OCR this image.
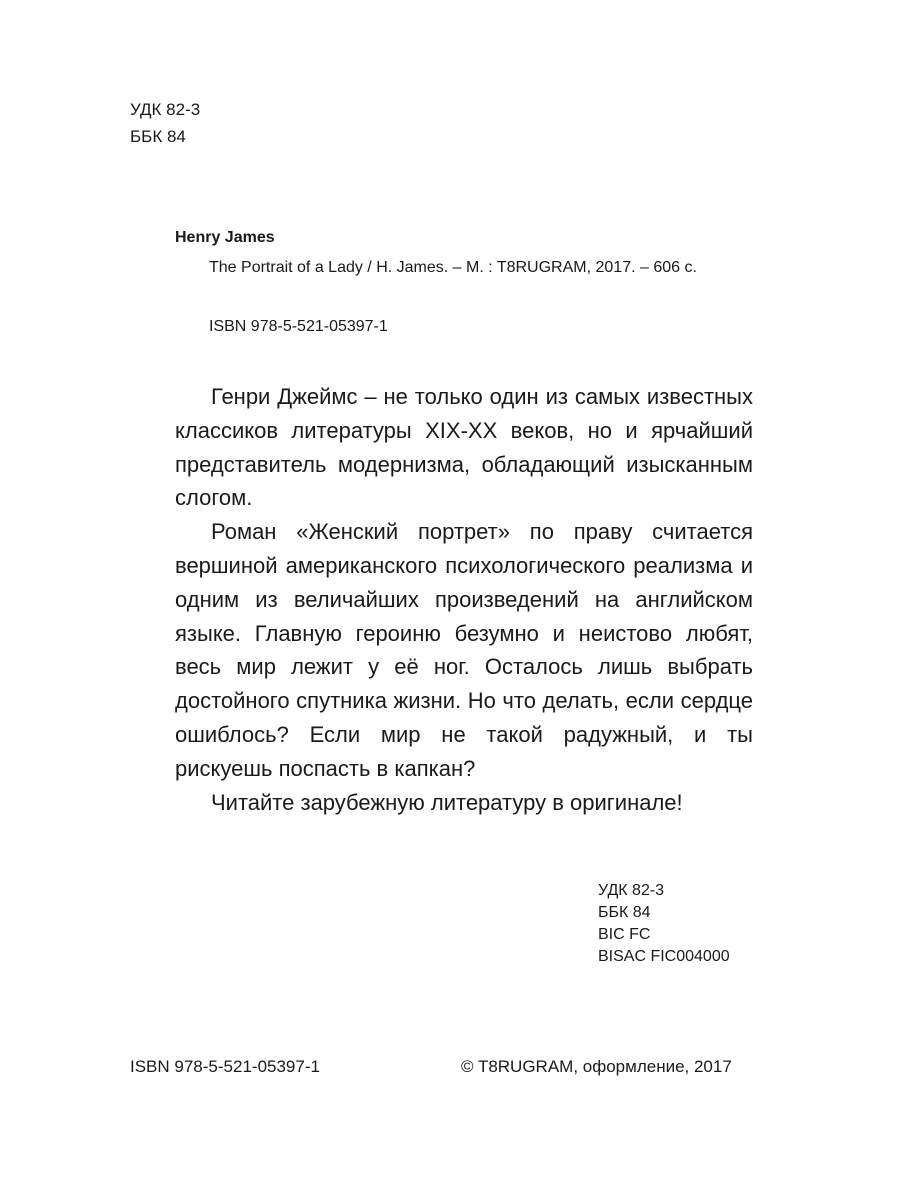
УДК 82-3
ББК 84
Henry James
The Portrait of a Lady / H. James. – M. : T8RUGRAM, 2017. – 606 c.
ISBN 978-5-521-05397-1

Генри Джеймс – не только один из самых известных классиков литературы XIX-XX веков, но и ярчайший представитель модернизма, обладающий изысканным слогом.

Роман «Женский портрет» по праву считается вершиной американского психологического реализма и одним из величайших произведений на английском языке. Главную героиню безумно и неистово любят, весь мир лежит у её ног. Осталось лишь выбрать достойного спутника жизни. Но что делать, если сердце ошиблось? Если мир не такой радужный, и ты рискуешь поспасть в капкан?

Читайте зарубежную литературу в оригинале!

УДК 82-3
ББК 84
BIC FC
BISAC FIC004000
ISBN 978-5-521-05397-1	© T8RUGRAM, оформление, 2017
